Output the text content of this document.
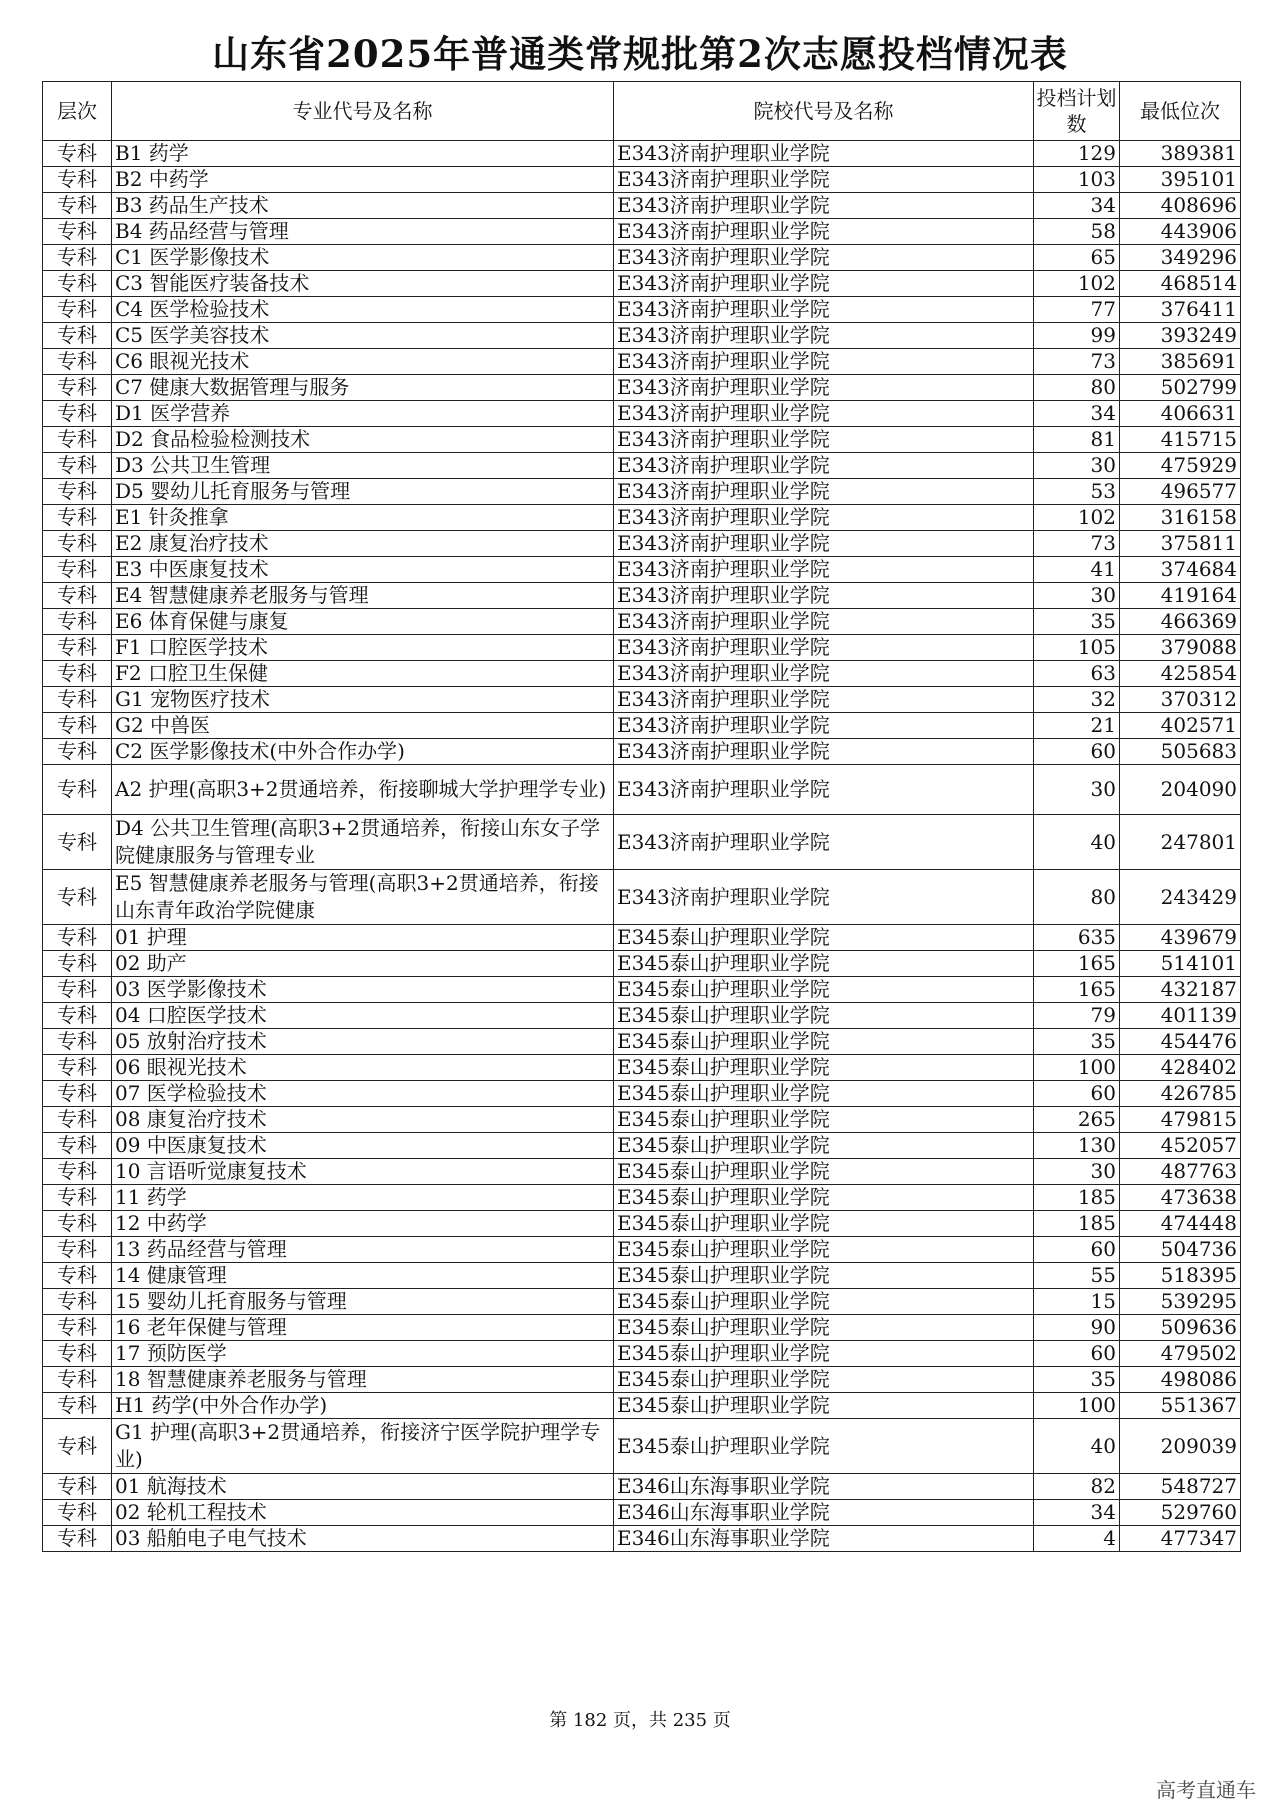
山东省2025年普通类常规批第2次志愿投档情况表
层次	专业代号及名称	院校代号及名称	投档计划数	最低位次
专科	B1 药学	E343济南护理职业学院	129	389381
专科	B2 中药学	E343济南护理职业学院	103	395101
专科	B3 药品生产技术	E343济南护理职业学院	34	408696
专科	B4 药品经营与管理	E343济南护理职业学院	58	443906
专科	C1 医学影像技术	E343济南护理职业学院	65	349296
专科	C3 智能医疗装备技术	E343济南护理职业学院	102	468514
专科	C4 医学检验技术	E343济南护理职业学院	77	376411
专科	C5 医学美容技术	E343济南护理职业学院	99	393249
专科	C6 眼视光技术	E343济南护理职业学院	73	385691
专科	C7 健康大数据管理与服务	E343济南护理职业学院	80	502799
专科	D1 医学营养	E343济南护理职业学院	34	406631
专科	D2 食品检验检测技术	E343济南护理职业学院	81	415715
专科	D3 公共卫生管理	E343济南护理职业学院	30	475929
专科	D5 婴幼儿托育服务与管理	E343济南护理职业学院	53	496577
专科	E1 针灸推拿	E343济南护理职业学院	102	316158
专科	E2 康复治疗技术	E343济南护理职业学院	73	375811
专科	E3 中医康复技术	E343济南护理职业学院	41	374684
专科	E4 智慧健康养老服务与管理	E343济南护理职业学院	30	419164
专科	E6 体育保健与康复	E343济南护理职业学院	35	466369
专科	F1 口腔医学技术	E343济南护理职业学院	105	379088
专科	F2 口腔卫生保健	E343济南护理职业学院	63	425854
专科	G1 宠物医疗技术	E343济南护理职业学院	32	370312
专科	G2 中兽医	E343济南护理职业学院	21	402571
专科	C2 医学影像技术(中外合作办学)	E343济南护理职业学院	60	505683
专科	A2 护理(高职3+2贯通培养，衔接聊城大学护理学专业)	E343济南护理职业学院	30	204090
专科	D4 公共卫生管理(高职3+2贯通培养，衔接山东女子学院健康服务与管理专业	E343济南护理职业学院	40	247801
专科	E5 智慧健康养老服务与管理(高职3+2贯通培养，衔接山东青年政治学院健康	E343济南护理职业学院	80	243429
专科	01 护理	E345泰山护理职业学院	635	439679
专科	02 助产	E345泰山护理职业学院	165	514101
专科	03 医学影像技术	E345泰山护理职业学院	165	432187
专科	04 口腔医学技术	E345泰山护理职业学院	79	401139
专科	05 放射治疗技术	E345泰山护理职业学院	35	454476
专科	06 眼视光技术	E345泰山护理职业学院	100	428402
专科	07 医学检验技术	E345泰山护理职业学院	60	426785
专科	08 康复治疗技术	E345泰山护理职业学院	265	479815
专科	09 中医康复技术	E345泰山护理职业学院	130	452057
专科	10 言语听觉康复技术	E345泰山护理职业学院	30	487763
专科	11 药学	E345泰山护理职业学院	185	473638
专科	12 中药学	E345泰山护理职业学院	185	474448
专科	13 药品经营与管理	E345泰山护理职业学院	60	504736
专科	14 健康管理	E345泰山护理职业学院	55	518395
专科	15 婴幼儿托育服务与管理	E345泰山护理职业学院	15	539295
专科	16 老年保健与管理	E345泰山护理职业学院	90	509636
专科	17 预防医学	E345泰山护理职业学院	60	479502
专科	18 智慧健康养老服务与管理	E345泰山护理职业学院	35	498086
专科	H1 药学(中外合作办学)	E345泰山护理职业学院	100	551367
专科	G1 护理(高职3+2贯通培养，衔接济宁医学院护理学专业)	E345泰山护理职业学院	40	209039
专科	01 航海技术	E346山东海事职业学院	82	548727
专科	02 轮机工程技术	E346山东海事职业学院	34	529760
专科	03 船舶电子电气技术	E346山东海事职业学院	4	477347
第 182 页，共 235 页
高考直通车
